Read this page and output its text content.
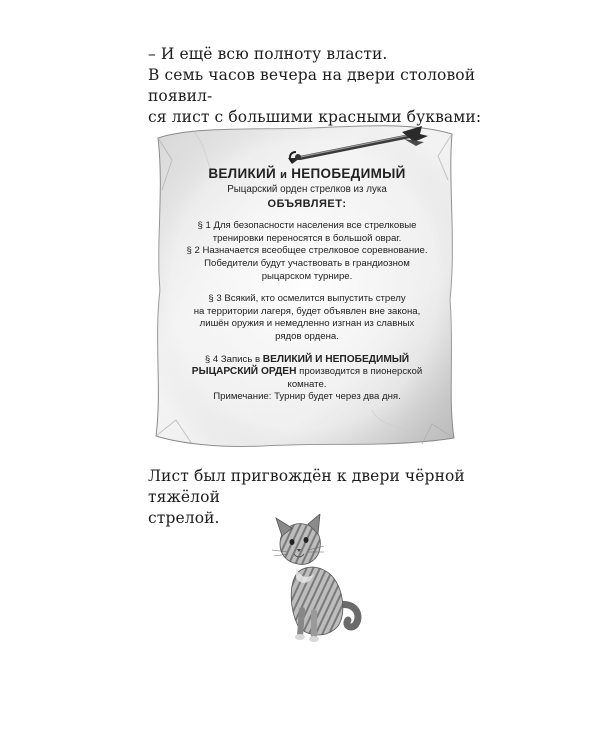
– И ещё всю полноту власти.

В семь часов вечера на двери столовой появил-

ся лист с большими красными буквами:

ВЕЛИКИЙ и НЕПОБЕДИМЫЙ
Рыцарский орден стрелков из лука
ОБЪЯВЛЯЕТ:

§ 1 Для безопасности населения все стрелковые

тренировки переносятся в большой овраг.

§ 2 Назначается всеобщее стрелковое соревнование.

Победители будут участвовать в грандиозном

рыцарском турнире.

§ 3 Всякий, кто осмелится выпустить стрелу

на территории лагеря, будет объявлен вне закона,

лишён оружия и немедленно изгнан из славных

рядов ордена.

§ 4 Запись в ВЕЛИКИЙ И НЕПОБЕДИМЫЙ

РЫЦАРСКИЙ ОРДЕН производится в пионерской

комнате.

Примечание: Турнир будет через два дня.

Лист был пригвождён к двери чёрной тяжёлой

стрелой.
